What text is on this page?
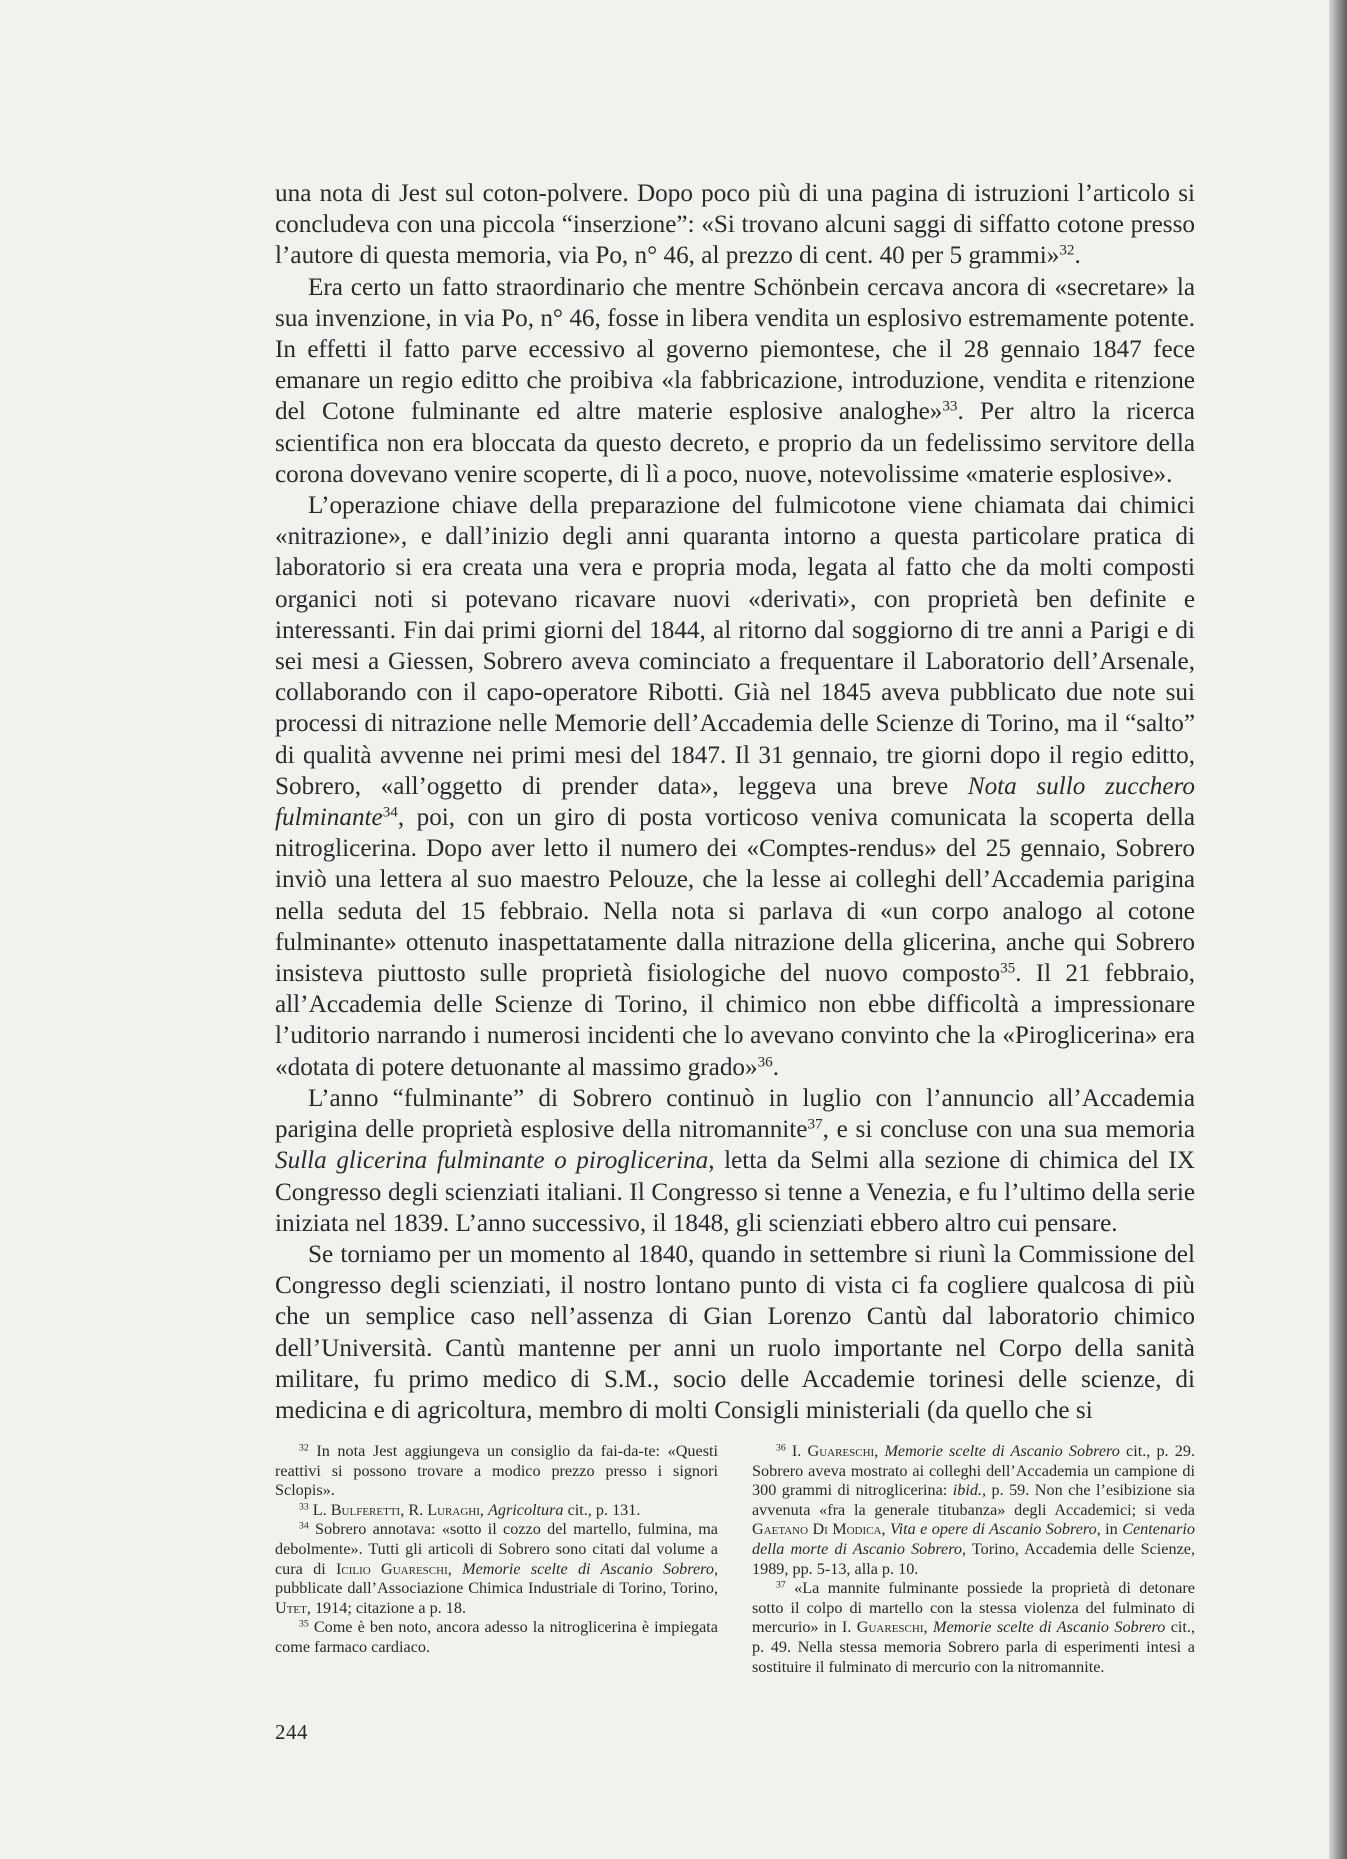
una nota di Jest sul coton-polvere. Dopo poco più di una pagina di istruzioni l’articolo si concludeva con una piccola “inserzione”: «Si trovano alcuni saggi di siffatto cotone presso l’autore di questa memoria, via Po, n° 46, al prezzo di cent. 40 per 5 grammi»$^{32}$.

Era certo un fatto straordinario che mentre Schönbein cercava ancora di «secretare» la sua invenzione, in via Po, n° 46, fosse in libera vendita un esplosivo estremamente potente. In effetti il fatto parve eccessivo al governo piemontese, che il 28 gennaio 1847 fece emanare un regio editto che proibiva «la fabbricazione, introduzione, vendita e ritenzione del Cotone fulminante ed altre materie esplosive analoghe»$^{33}$. Per altro la ricerca scientifica non era bloccata da questo decreto, e proprio da un fedelissimo servitore della corona dovevano venire scoperte, di lì a poco, nuove, notevolissime «materie esplosive».

L’operazione chiave della preparazione del fulmicotone viene chiamata dai chimici «nitrazione», e dall’inizio degli anni quaranta intorno a questa particolare pratica di laboratorio si era creata una vera e propria moda, legata al fatto che da molti composti organici noti si potevano ricavare nuovi «derivati», con proprietà ben definite e interessanti. Fin dai primi giorni del 1844, al ritorno dal soggiorno di tre anni a Parigi e di sei mesi a Giessen, Sobrero aveva cominciato a frequentare il Laboratorio dell’Arsenale, collaborando con il capo-operatore Ribotti. Già nel 1845 aveva pubblicato due note sui processi di nitrazione nelle Memorie dell’Accademia delle Scienze di Torino, ma il “salto” di qualità avvenne nei primi mesi del 1847. Il 31 gennaio, tre giorni dopo il regio editto, Sobrero, «all’oggetto di prender data», leggeva una breve Nota sullo zucchero fulminante$^{34}$, poi, con un giro di posta vorticoso veniva comunicata la scoperta della nitroglicerina. Dopo aver letto il numero dei «Comptes-rendus» del 25 gennaio, Sobrero inviò una lettera al suo maestro Pelouze, che la lesse ai colleghi dell’Accademia parigina nella seduta del 15 febbraio. Nella nota si parlava di «un corpo analogo al cotone fulminante» ottenuto inaspettatamente dalla nitrazione della glicerina, anche qui Sobrero insisteva piuttosto sulle proprietà fisiologiche del nuovo composto$^{35}$. Il 21 febbraio, all’Accademia delle Scienze di Torino, il chimico non ebbe difficoltà a impressionare l’uditorio narrando i numerosi incidenti che lo avevano convinto che la «Piroglicerina» era «dotata di potere detuonante al massimo grado»$^{36}$.

L’anno “fulminante” di Sobrero continuò in luglio con l’annuncio all’Accademia parigina delle proprietà esplosive della nitromannite$^{37}$, e si concluse con una sua memoria Sulla glicerina fulminante o piroglicerina, letta da Selmi alla sezione di chimica del IX Congresso degli scienziati italiani. Il Congresso si tenne a Venezia, e fu l’ultimo della serie iniziata nel 1839. L’anno successivo, il 1848, gli scienziati ebbero altro cui pensare.

Se torniamo per un momento al 1840, quando in settembre si riunì la Commissione del Congresso degli scienziati, il nostro lontano punto di vista ci fa cogliere qualcosa di più che un semplice caso nell’assenza di Gian Lorenzo Cantù dal laboratorio chimico dell’Università. Cantù mantenne per anni un ruolo importante nel Corpo della sanità militare, fu primo medico di S.M., socio delle Accademie torinesi delle scienze, di medicina e di agricoltura, membro di molti Consigli ministeriali (da quello che si

$^{32}$ In nota Jest aggiungeva un consiglio da fai-da-te: «Questi reattivi si possono trovare a modico prezzo presso i signori Sclopis».

$^{33}$ L. Bulferetti, R. Luraghi, Agricoltura cit., p. 131.

$^{34}$ Sobrero annotava: «sotto il cozzo del martello, fulmina, ma debolmente». Tutti gli articoli di Sobrero sono citati dal volume a cura di Icilio Guareschi, Memorie scelte di Ascanio Sobrero, pubblicate dall’Associazione Chimica Industriale di Torino, Torino, Utet, 1914; citazione a p. 18.

$^{35}$ Come è ben noto, ancora adesso la nitroglicerina è impiegata come farmaco cardiaco.

$^{36}$ I. Guareschi, Memorie scelte di Ascanio Sobrero cit., p. 29. Sobrero aveva mostrato ai colleghi dell’Accademia un campione di 300 grammi di nitroglicerina: ibid., p. 59. Non che l’esibizione sia avvenuta «fra la generale titubanza» degli Accademici; si veda Gaetano Di Modica, Vita e opere di Ascanio Sobrero, in Centenario della morte di Ascanio Sobrero, Torino, Accademia delle Scienze, 1989, pp. 5-13, alla p. 10.

$^{37}$ «La mannite fulminante possiede la proprietà di detonare sotto il colpo di martello con la stessa violenza del fulminato di mercurio» in I. Guareschi, Memorie scelte di Ascanio Sobrero cit., p. 49. Nella stessa memoria Sobrero parla di esperimenti intesi a sostituire il fulminato di mercurio con la nitromannite.

244
